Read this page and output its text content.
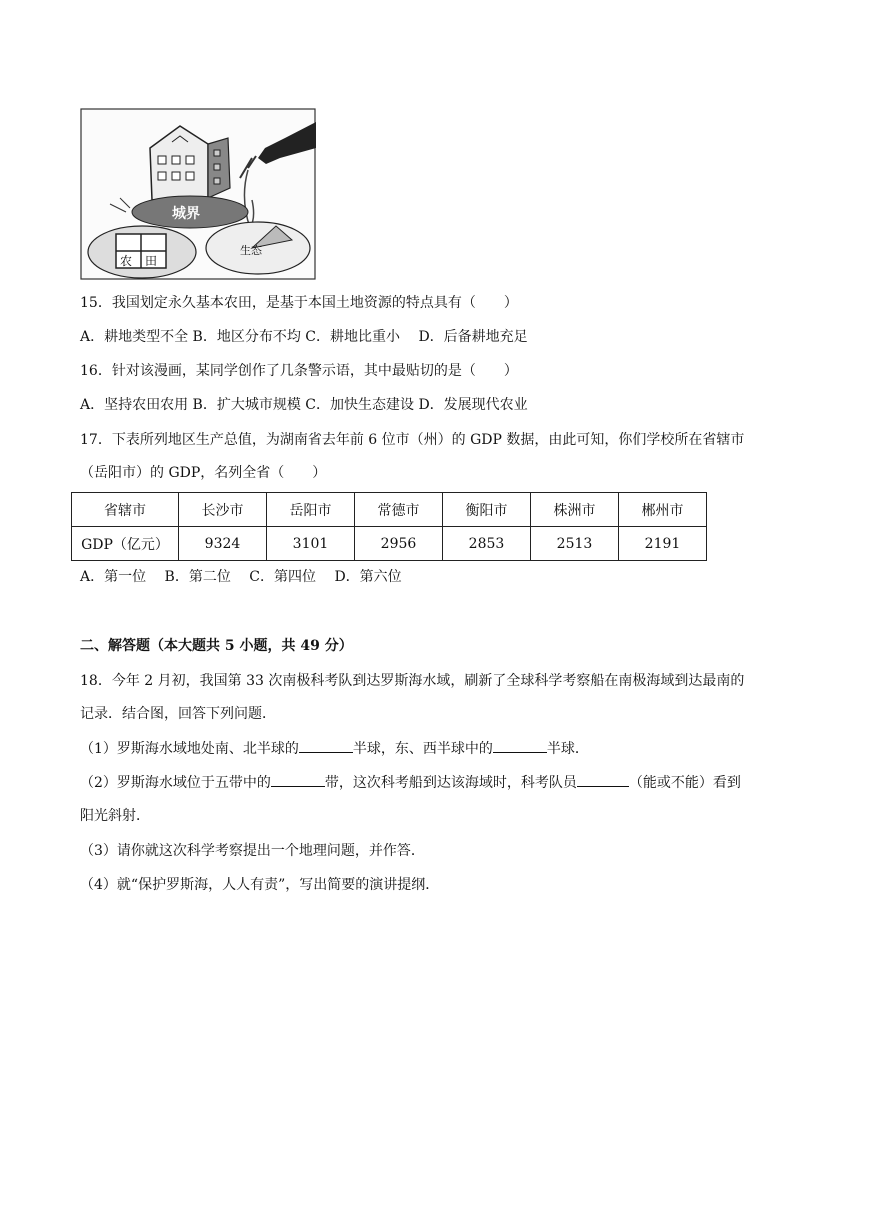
城界
农 田
生态
15．我国划定永久基本农田，是基于本国土地资源的特点具有（　　）
A．耕地类型不全 B．地区分布不均 C．耕地比重小　 D．后备耕地充足
16．针对该漫画，某同学创作了几条警示语，其中最贴切的是（　　）
A．坚持农田农用 B．扩大城市规模 C．加快生态建设 D．发展现代农业
17．下表所列地区生产总值，为湖南省去年前 6 位市（州）的 GDP 数据，由此可知，你们学校所在省辖市
（岳阳市）的 GDP，名列全省（　　）
省辖市	长沙市	岳阳市	常德市	衡阳市	株洲市	郴州市
GDP（亿元）	9324	3101	2956	2853	2513	2191
A．第一位　 B．第二位　 C．第四位　 D．第六位
二、解答题（本大题共 5 小题，共 49 分）
18．今年 2 月初，我国第 33 次南极科考队到达罗斯海水域，刷新了全球科学考察船在南极海域到达最南的
记录．结合图，回答下列问题．
（1）罗斯海水域地处南、北半球的	半球，东、西半球中的	半球．
（2）罗斯海水域位于五带中的	带，这次科考船到达该海域时，科考队员	（能或不能）看到
阳光斜射．
（3）请你就这次科学考察提出一个地理问题，并作答．
（4）就“保护罗斯海，人人有责”，写出简要的演讲提纲．
